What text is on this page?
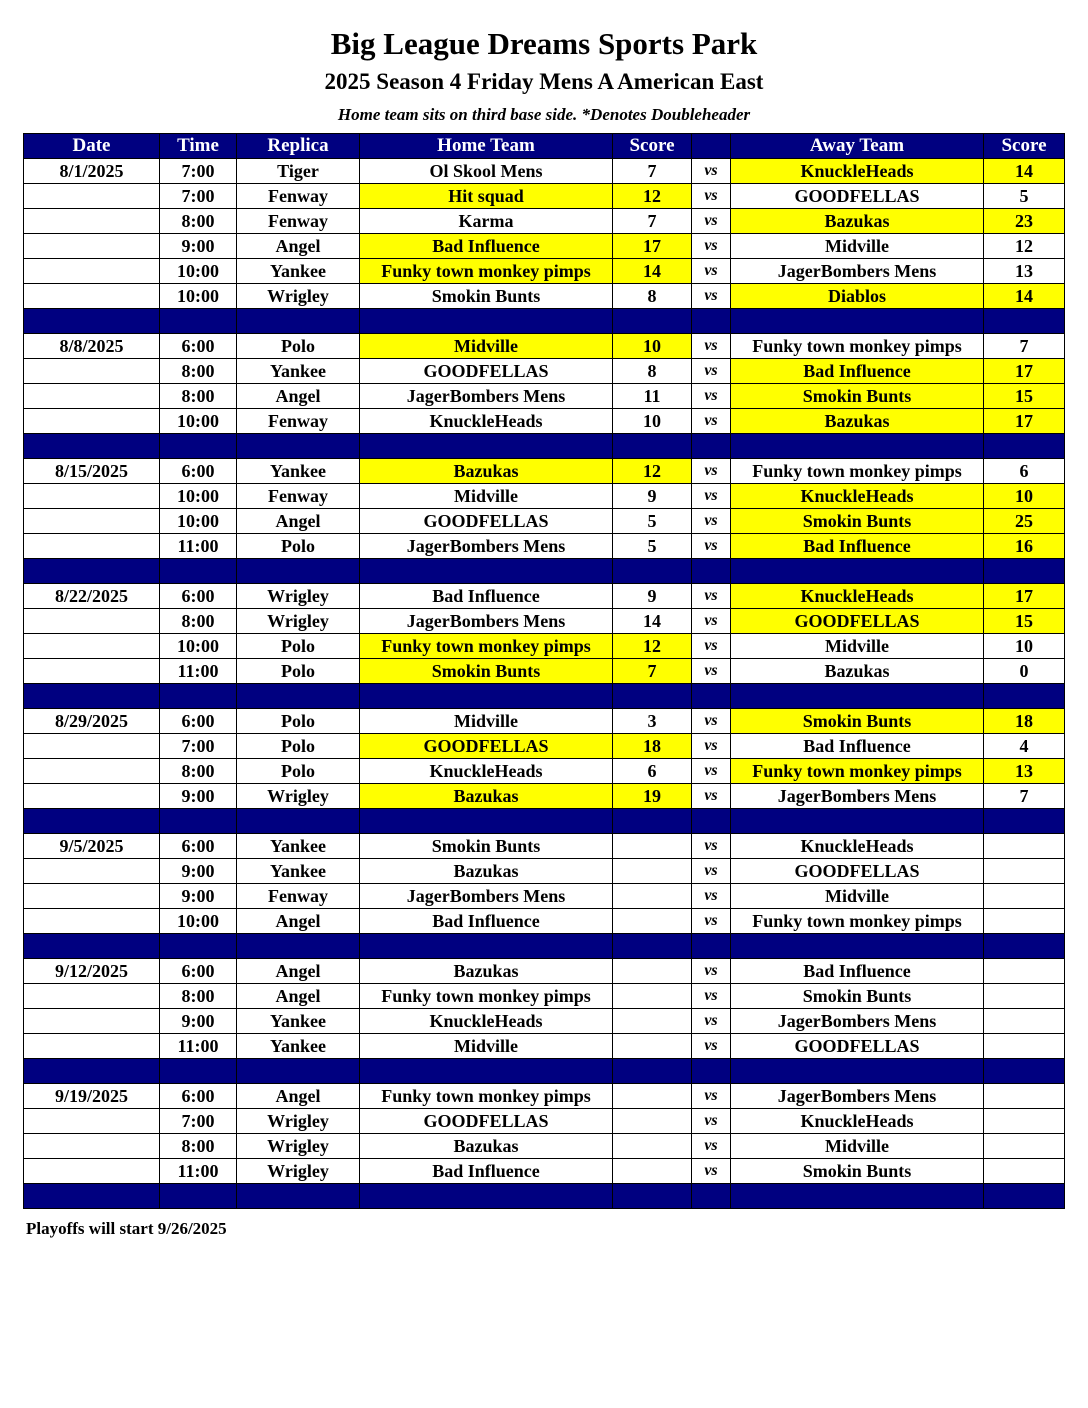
Big League Dreams Sports Park
2025 Season 4 Friday Mens A American East
Home team sits on third base side. *Denotes Doubleheader
Date	Time	Replica	Home Team	Score		Away Team	Score
8/1/2025	7:00	Tiger	Ol Skool Mens	7	vs	KnuckleHeads	14
	7:00	Fenway	Hit squad	12	vs	GOODFELLAS	5
	8:00	Fenway	Karma	7	vs	Bazukas	23
	9:00	Angel	Bad Influence	17	vs	Midville	12
	10:00	Yankee	Funky town monkey pimps	14	vs	JagerBombers Mens	13
	10:00	Wrigley	Smokin Bunts	8	vs	Diablos	14

8/8/2025	6:00	Polo	Midville	10	vs	Funky town monkey pimps	7
	8:00	Yankee	GOODFELLAS	8	vs	Bad Influence	17
	8:00	Angel	JagerBombers Mens	11	vs	Smokin Bunts	15
	10:00	Fenway	KnuckleHeads	10	vs	Bazukas	17

8/15/2025	6:00	Yankee	Bazukas	12	vs	Funky town monkey pimps	6
	10:00	Fenway	Midville	9	vs	KnuckleHeads	10
	10:00	Angel	GOODFELLAS	5	vs	Smokin Bunts	25
	11:00	Polo	JagerBombers Mens	5	vs	Bad Influence	16

8/22/2025	6:00	Wrigley	Bad Influence	9	vs	KnuckleHeads	17
	8:00	Wrigley	JagerBombers Mens	14	vs	GOODFELLAS	15
	10:00	Polo	Funky town monkey pimps	12	vs	Midville	10
	11:00	Polo	Smokin Bunts	7	vs	Bazukas	0

8/29/2025	6:00	Polo	Midville	3	vs	Smokin Bunts	18
	7:00	Polo	GOODFELLAS	18	vs	Bad Influence	4
	8:00	Polo	KnuckleHeads	6	vs	Funky town monkey pimps	13
	9:00	Wrigley	Bazukas	19	vs	JagerBombers Mens	7

9/5/2025	6:00	Yankee	Smokin Bunts		vs	KnuckleHeads	
	9:00	Yankee	Bazukas		vs	GOODFELLAS	
	9:00	Fenway	JagerBombers Mens		vs	Midville	
	10:00	Angel	Bad Influence		vs	Funky town monkey pimps	

9/12/2025	6:00	Angel	Bazukas		vs	Bad Influence	
	8:00	Angel	Funky town monkey pimps		vs	Smokin Bunts	
	9:00	Yankee	KnuckleHeads		vs	JagerBombers Mens	
	11:00	Yankee	Midville		vs	GOODFELLAS	

9/19/2025	6:00	Angel	Funky town monkey pimps		vs	JagerBombers Mens	
	7:00	Wrigley	GOODFELLAS		vs	KnuckleHeads	
	8:00	Wrigley	Bazukas		vs	Midville	
	11:00	Wrigley	Bad Influence		vs	Smokin Bunts	

Playoffs will start 9/26/2025
